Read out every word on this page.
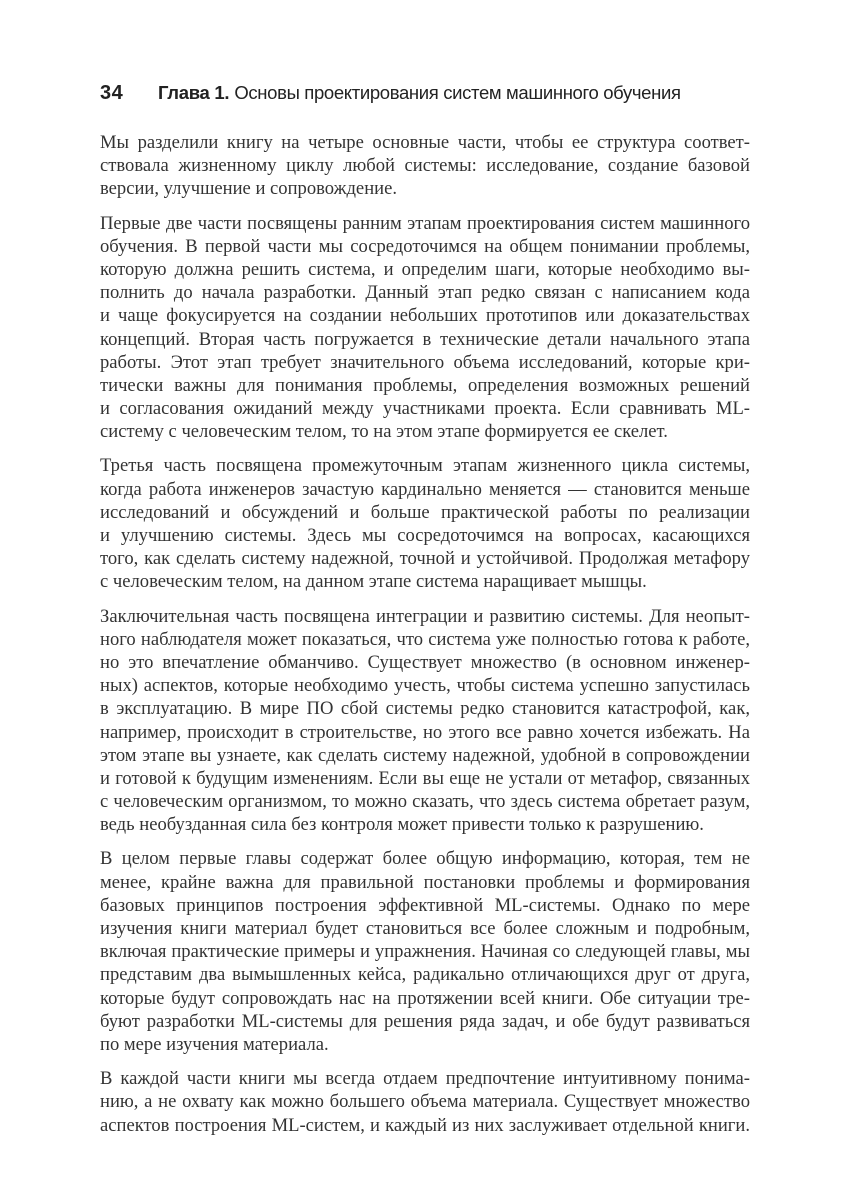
34 Глава 1. Основы проектирования систем машинного обучения

Мы разделили книгу на четыре основные части, чтобы ее структура соответ-
ствовала жизненному циклу любой системы: исследование, создание базовой
версии, улучшение и сопровождение.

Первые две части посвящены ранним этапам проектирования систем машинного
обучения. В первой части мы сосредоточимся на общем понимании проблемы,
которую должна решить система, и определим шаги, которые необходимо вы-
полнить до начала разработки. Данный этап редко связан с написанием кода
и чаще фокусируется на создании небольших прототипов или доказательствах
концепций. Вторая часть погружается в технические детали начального этапа
работы. Этот этап требует значительного объема исследований, которые кри-
тически важны для понимания проблемы, определения возможных решений
и согласования ожиданий между участниками проекта. Если сравнивать ML-
систему с человеческим телом, то на этом этапе формируется ее скелет.

Третья часть посвящена промежуточным этапам жизненного цикла системы,
когда работа инженеров зачастую кардинально меняется — становится меньше
исследований и обсуждений и больше практической работы по реализации
и улучшению системы. Здесь мы сосредоточимся на вопросах, касающихся
того, как сделать систему надежной, точной и устойчивой. Продолжая метафору
с человеческим телом, на данном этапе система наращивает мышцы.

Заключительная часть посвящена интеграции и развитию системы. Для неопыт-
ного наблюдателя может показаться, что система уже полностью готова к работе,
но это впечатление обманчиво. Существует множество (в основном инженер-
ных) аспектов, которые необходимо учесть, чтобы система успешно запустилась
в эксплуатацию. В мире ПО сбой системы редко становится катастрофой, как,
например, происходит в строительстве, но этого все равно хочется избежать. На
этом этапе вы узнаете, как сделать систему надежной, удобной в сопровождении
и готовой к будущим изменениям. Если вы еще не устали от метафор, связанных
с человеческим организмом, то можно сказать, что здесь система обретает разум,
ведь необузданная сила без контроля может привести только к разрушению.

В целом первые главы содержат более общую информацию, которая, тем не
менее, крайне важна для правильной постановки проблемы и формирования
базовых принципов построения эффективной ML-системы. Однако по мере
изучения книги материал будет становиться все более сложным и подробным,
включая практические примеры и упражнения. Начиная со следующей главы, мы
представим два вымышленных кейса, радикально отличающихся друг от друга,
которые будут сопровождать нас на протяжении всей книги. Обе ситуации тре-
буют разработки ML-системы для решения ряда задач, и обе будут развиваться
по мере изучения материала.

В каждой части книги мы всегда отдаем предпочтение интуитивному понима-
нию, а не охвату как можно большего объема материала. Существует множество
аспектов построения ML-систем, и каждый из них заслуживает отдельной книги.
